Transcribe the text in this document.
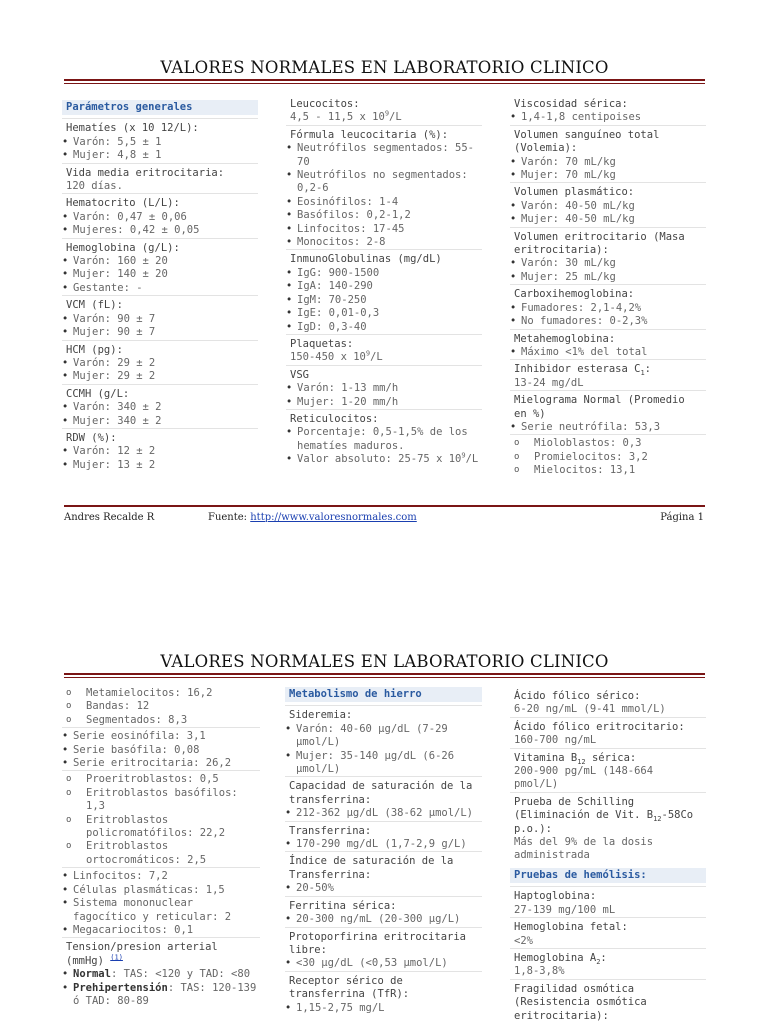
VALORES NORMALES EN LABORATORIO CLINICO
Parámetros generales
Hematíes (x 10 12/L):
• Varón: 5,5 ± 1
• Mujer: 4,8 ± 1
Vida media eritrocitaria:
120 días.
Hematocrito (L/L):
• Varón: 0,47 ± 0,06
• Mujeres: 0,42 ± 0,05
Hemoglobina (g/L):
• Varón: 160 ± 20
• Mujer: 140 ± 20
• Gestante: -
VCM (fL):
• Varón: 90 ± 7
• Mujer: 90 ± 7
HCM (pg):
• Varón: 29 ± 2
• Mujer: 29 ± 2
CCMH (g/L:
• Varón: 340 ± 2
• Mujer: 340 ± 2
RDW (%):
• Varón: 12 ± 2
• Mujer: 13 ± 2
Leucocitos:
4,5 - 11,5 x $10^9/L$
Fórmula leucocitaria (%):
• Neutrófilos segmentados: 55-70
• Neutrófilos no segmentados: 0,2-6
• Eosinófilos: 1-4
• Basófilos: 0,2-1,2
• Linfocitos: 17-45
• Monocitos: 2-8
InmunoGlobulinas (mg/dL)
• IgG: 900-1500
• IgA: 140-290
• IgM: 70-250
• IgE: 0,01-0,3
• IgD: 0,3-40
Plaquetas:
150-450 x $10^9/L$
VSG
• Varón: 1-13 mm/h
• Mujer: 1-20 mm/h
Reticulocitos:
• Porcentaje: 0,5-1,5% de los hematíes maduros.
• Valor absoluto: 25-75 x $10^9/L$
Viscosidad sérica:
• 1,4-1,8 centipoises
Volumen sanguíneo total (Volemia):
• Varón: 70 mL/kg
• Mujer: 70 mL/kg
Volumen plasmático:
• Varón: 40-50 mL/kg
• Mujer: 40-50 mL/kg
Volumen eritrocitario (Masa eritrocitaria):
• Varón: 30 mL/kg
• Mujer: 25 mL/kg
Carboxihemoglobina:
• Fumadores: 2,1-4,2%
• No fumadores: 0-2,3%
Metahemoglobina:
• Máximo <1% del total
Inhibidor esterasa $C_1$:
13-24 mg/dL
Mielograma Normal (Promedio en %)
• Serie neutrófila: 53,3
o Mioloblastos: 0,3
o Promielocitos: 3,2
o Mielocitos: 13,1
Andres Recalde R	Fuente: http://www.valoresnormales.com	Página 1
VALORES NORMALES EN LABORATORIO CLINICO
o Metamielocitos: 16,2
o Bandas: 12
o Segmentados: 8,3
• Serie eosinófila: 3,1
• Serie basófila: 0,08
• Serie eritrocitaria: 26,2
o Proeritroblastos: 0,5
o Eritroblastos basófilos: 1,3
o Eritroblastos policromatófilos: 22,2
o Eritroblastos ortocromáticos: 2,5
• Linfocitos: 7,2
• Células plasmáticas: 1,5
• Sistema mononuclear fagocítico y reticular: 2
• Megacariocitos: 0,1
Tension/presion arterial (mmHg) $^{(1)}$
• Normal: TAS: <120 y TAD: <80
• Prehipertensión: TAS: 120-139 ó TAD: 80-89
Metabolismo de hierro
Sideremia:
• Varón: 40-60 µg/dL (7-29 µmol/L)
• Mujer: 35-140 µg/dL (6-26 µmol/L)
Capacidad de saturación de la transferrina:
• 212-362 µg/dL (38-62 µmol/L)
Transferrina:
• 170-290 mg/dL (1,7-2,9 g/L)
Índice de saturación de la Transferrina:
• 20-50%
Ferritina sérica:
• 20-300 ng/mL (20-300 µg/L)
Protoporfirina eritrocitaria libre:
• <30 µg/dL (<0,53 µmol/L)
Receptor sérico de transferrina (TfR):
• 1,15-2,75 mg/L
Ácido fólico sérico:
6-20 ng/mL (9-41 mmol/L)
Ácido fólico eritrocitario:
160-700 ng/mL
Vitamina $B_{12}$ sérica:
200-900 pg/mL (148-664 pmol/L)
Prueba de Schilling (Eliminación de Vit. $B_{12}-58Co$ p.o.):
Más del 9% de la dosis administrada
Pruebas de hemólisis:
Haptoglobina:
27-139 mg/100 mL
Hemoglobina fetal:
<2%
Hemoglobina $A_2$:
1,8-3,8%
Fragilidad osmótica (Resistencia osmótica eritrocitaria):
